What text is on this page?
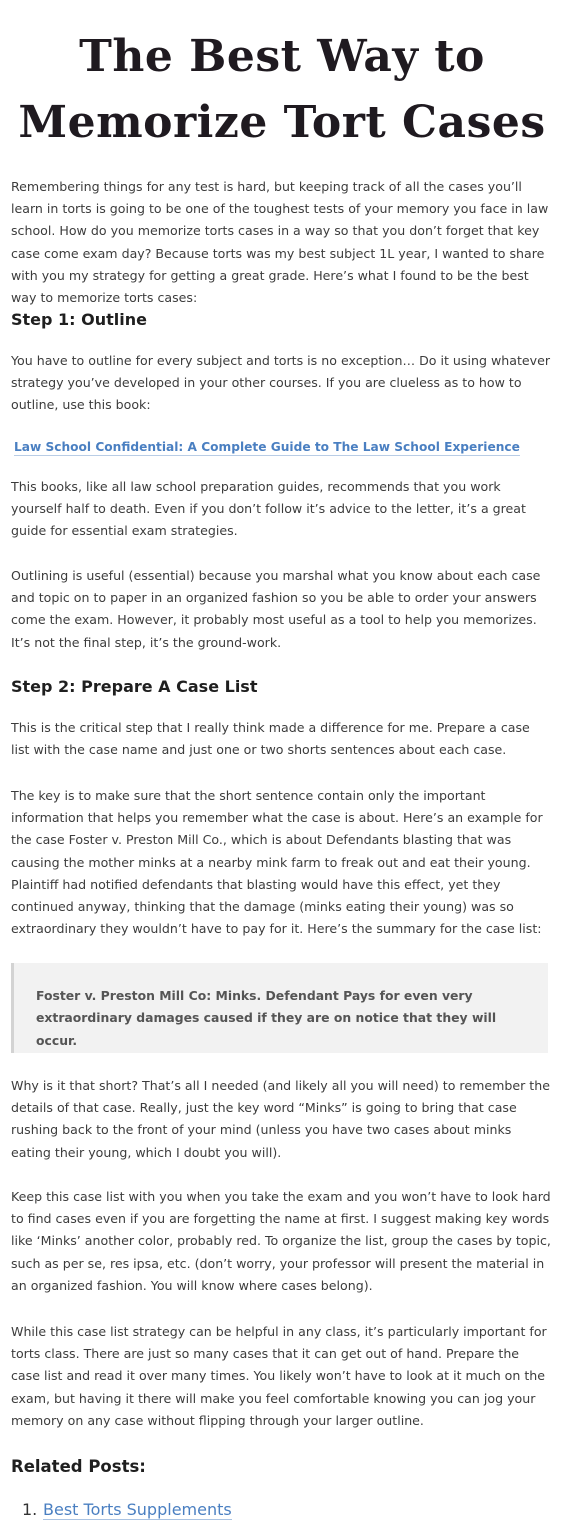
The Best Way to Memorize Tort Cases

Remembering things for any test is hard, but keeping track of all the cases you’ll learn in torts is going to be one of the toughest tests of your memory you face in law school. How do you memorize torts cases in a way so that you don’t forget that key case come exam day? Because torts was my best subject 1L year, I wanted to share with you my strategy for getting a great grade. Here’s what I found to be the best way to memorize torts cases:

Step 1: Outline

You have to outline for every subject and torts is no exception… Do it using whatever strategy you’ve developed in your other courses. If you are clueless as to how to outline, use this book:

Law School Confidential: A Complete Guide to The Law School Experience

This books, like all law school preparation guides, recommends that you work yourself half to death. Even if you don’t follow it’s advice to the letter, it’s a great guide for essential exam strategies.

Outlining is useful (essential) because you marshal what you know about each case and topic on to paper in an organized fashion so you be able to order your answers come the exam. However, it probably most useful as a tool to help you memorizes. It’s not the final step, it’s the ground-work.

Step 2: Prepare A Case List

This is the critical step that I really think made a difference for me. Prepare a case list with the case name and just one or two shorts sentences about each case.

The key is to make sure that the short sentence contain only the important information that helps you remember what the case is about. Here’s an example for the case Foster v. Preston Mill Co., which is about Defendants blasting that was causing the mother minks at a nearby mink farm to freak out and eat their young. Plaintiff had notified defendants that blasting would have this effect, yet they continued anyway, thinking that the damage (minks eating their young) was so extraordinary they wouldn’t have to pay for it. Here’s the summary for the case list:

Foster v. Preston Mill Co: Minks. Defendant Pays for even very extraordinary damages caused if they are on notice that they will occur.

Why is it that short? That’s all I needed (and likely all you will need) to remember the details of that case. Really, just the key word “Minks” is going to bring that case rushing back to the front of your mind (unless you have two cases about minks eating their young, which I doubt you will).

Keep this case list with you when you take the exam and you won’t have to look hard to find cases even if you are forgetting the name at first. I suggest making key words like ‘Minks’ another color, probably red. To organize the list, group the cases by topic, such as per se, res ipsa, etc. (don’t worry, your professor will present the material in an organized fashion. You will know where cases belong).

While this case list strategy can be helpful in any class, it’s particularly important for torts class. There are just so many cases that it can get out of hand. Prepare the case list and read it over many times. You likely won’t have to look at it much on the exam, but having it there will make you feel comfortable knowing you can jog your memory on any case without flipping through your larger outline.

Related Posts:
1. Best Torts Supplements
